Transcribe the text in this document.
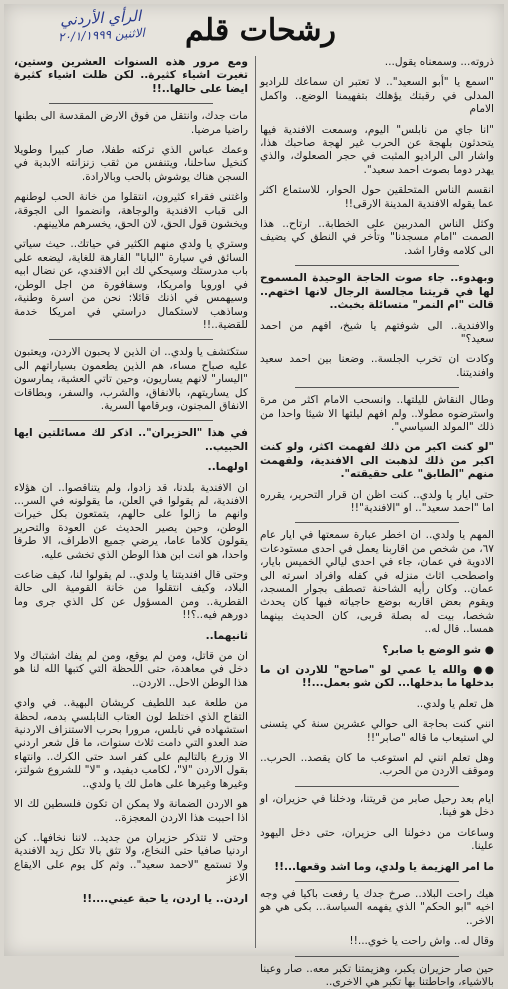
رشحات قلم
الرأي الأردني
الاثنين ٢٠/١/١٩٩٩

ذروته... وسمعناه يقول...

"اسمع يا "أبو السعيد".. لا تعتبر ان سماعك للراديو المدلى في رقبتك يؤهلك بتفهيمنا الوضع.. واكمل الامام

"انا جاي من نابلس" اليوم، وسمعت الافندية فيها يتحدثون بلهجة عن الحرب غير لهجة صاحبك هذا، واشار الى الراديو المثبت في حجر الصعلوك، والذي يهدر دوما بصوت احمد سعيد".

انقسم الناس المتحلقين حول الحوار، للاستماع اكثر عما يقوله الافندية المدينة الارقى!!

وكثل الناس المدربين على الخطابة.. ارتاح.. هذا الصمت "امام مسجدنا" وتأخر في النطق كي يضيف الى كلامه وقارا اشد.

وبهدوء.. جاء صوت الحاجة الوحيدة المسموح لها في قريتنا مجالسة الرجال لانها اختهم.. قالت "ام النمر" متسائلة بخبث..

والافندية.. الى شوفتهم يا شيخ، افهم من احمد سعيد؟"

وكادت ان تخرب الجلسة.. وضعنا بين احمد سعيد وافنديتنا.

وطال النقاش لليلتها.. وانسحب الامام اكثر من مرة واسترضوه مطولا.. ولم افهم ليلتها الا شيئا واحدا من ذلك "المولد السياسي".

"لو كنت اكبر من ذلك لفهمت اكثر، ولو كنت اكبر من ذلك لذهبت الى الافندية، ولفهمت منهم "الطابق" على حقيقته".

حتى ايار يا ولدي.. كنت اظن ان قرار التحرير، يقرره اما "احمد سعيد".. او "الافندية"!!

المهم يا ولدي.. ان اخطر عبارة سمعتها في ايار عام ٦٧، من شخص من اقاربنا يعمل في احدى مستودعات الادوية في عمان، جاء في احدى ليالي الخميس بايار، واصطحب اثاث منزله في كفله وافراد اسرته الى عمان.. وكان رأيه الشاحنة تصطف بجوار المسجد، ويقوم بعض اقاربه بوضع حاجياته فيها كان يحدث شخصا، بيت له بصلة قربى، كان الحديث بينهما همسا.. قال له..

● شو الوضع يا صابر؟

●● والله يا عمي لو "صاحج" للاردن ان ما بدخلها ما بدخلها... لكن شو بعمل...!!

هل تعلم يا ولدي..

انني كنت بحاجة الى حوالي عشرين سنة كي يتسنى لي استيعاب ما قاله "صابر"!!

وهل تعلم انني لم استوعب ما كان يقصد.. الحرب.. وموقف الاردن من الحرب.

ايام بعد رحيل صابر من قريتنا، ودخلنا في حزيران، او دخل هو فينا.

وساعات من دخولنا الى حزيران، حتى دخل اليهود علينا.

ما امر الهزيمة يا ولدي، وما اشد وقعها...!!

هيك راحت البلاد.. صرخ جدك يا رفعت باكيا في وجه اخيه "ابو الحكم" الذي يفهمه السياسة... بكى هي هو الاخر..

وقال له.. واش راحت يا خوي...!!

حين صار حزيران يكبر، وهزيمتنا تكبر معه.. صار وعينا بالاشياء، واحاطتنا بها تكبر هي الاخرى..

ومع مرور هذه السنوات العشرين وستين، تغيرت اشياء كثيرة.. لكن ظلت اشياء كثيرة ايضا على حالها..!!

مات جدك، وانتقل من فوق الارض المقدسة الى بطنها راضيا مرضيا.

وعمك عباس الذي تركته طفلا، صار كبيرا وطويلا كنخيل ساحلنا، ويتنفس من ثقب زنزانته الابدية في السجن هناك يوشوش بالحب وبالارادة.

واغتنى فقراء كثيرون، انتقلوا من خانة الحب لوطنهم الى قباب الافندية والوجاهة، وانضموا الى الجوقة، ويخشون قول الحق، لان الحق، يخسرهم ملايينهم.

وستري يا ولدي منهم الكثير في حياتك.. حيث سياتي السائق في سيارة "البابا" الفارهة للغاية، ليضعه على باب مدرستك وسيحكي لك ابن الافندي، عن نضال ابيه في اوروبا وامريكا، وسفافورة من اجل الوطن، وسيهمس في اذنك قائلا: نحن من اسرة وطنية، وساذهب لاستكمال دراستي في امريكا خدمة للقضية..!!

ستكتشف يا ولدي.. ان الذين لا يحبون الاردن، ويعتبون عليه صباح مساء، هم الذين يطعمون بسياراتهم الى "اليسار" لانهم يساريون، وحين تاتي العشية، يمارسون كل يساريتهم، بالانفاق، والشرب، والسفر، وبطاقات الانفاق المجنون، وبرقامها السرية.

في هذا "الحزيران".. اذكر لك مسائلتين ايها الحبيب..

اولهما..

ان الافندية بلدنا، قد زادوا، ولم يتناقصوا.. ان هؤلاء الافندية، لم يقولوا في العلن، ما يقولونه في السر... وانهم ما زالوا على حالهم، يتمتعون بكل خيرات الوطن، وحين يصير الحديث عن العودة والتحرير يقولون كلاما عاما، يرضي جميع الاطراف، الا طرفا واحدا، هو انت ابن هذا الوطن الذي تخشى عليه.

وحتى قال افنديتنا يا ولدي.. لم يقولوا لنا، كيف ضاعت البلاد، وكيف انتقلوا من خانة القومية الى حالة القطرية.. ومن المسؤول عن كل الذي جرى وما دورهم فيه..؟!!

ثانيهما..

ان من قاتل، ومن لم يوقع، ومن لم يفك اشتباك ولا دخل في معاهدة، حتى اللحظة التي كتبها الله لنا هو هذا الوطن الاحل.. الاردن..

من طلعة عبد اللطيف كريشان البهية.. في وادي التفاح الذي اختلط لون العتاب النابلسي بدمه، لحظة استشهاده في نابلس، مرورا بحرب الاستنزاف الاردنية ضد العدو التي دامت ثلاث سنوات، ما قل شعر اردني الا وزرع بالتاليم على كفر اسد حتى الكرك.. وانتهاء بقول الاردن "لا"، لكامب ديفيد، و "لا" للشروع شولتز، وغيرها وغيرها على هامل لك يا ولدي..

هو الاردن الضمانة ولا يمكن ان تكون فلسطين لك الا اذا احببت هذا الاردن المعجزة..

وحتى لا تتذكر حزيران من جديد.. لاننا نخافها.. كن اردنيا صافيا حتى النخاع، ولا تثق بالا تكل زيد الافندية ولا تستمع "لاحمد سعيد".. وثم كل يوم على الايقاع الاعز

اردن.. يا اردن، يا حبة عيني....!!
